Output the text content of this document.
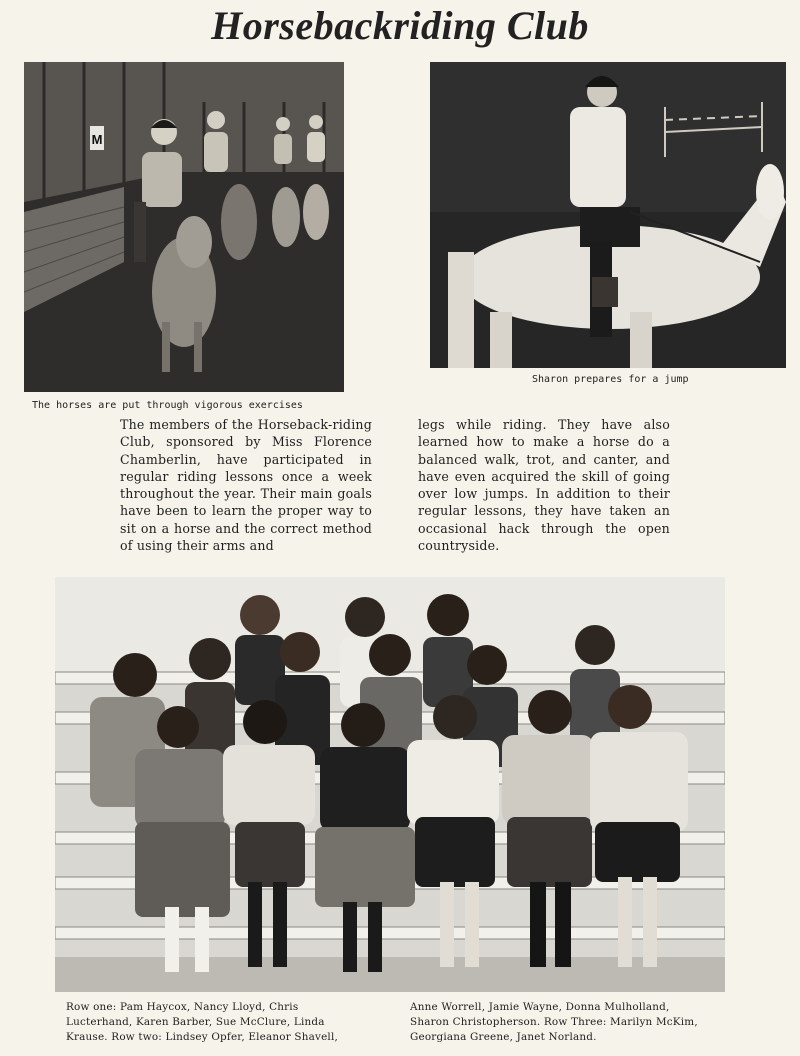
Horsebackriding Club
M
The horses are put through vigorous exercises
Sharon prepares for a jump
The members of the Horseback-riding Club, sponsored by Miss Florence Chamberlin, have participated in regular riding lessons once a week throughout the year. Their main goals have been to learn the proper way to sit on a horse and the correct method of using their arms and
legs while riding. They have also learned how to make a horse do a balanced walk, trot, and canter, and have even acquired the skill of going over low jumps. In addition to their regular lessons, they have taken an occasional hack through the open countryside.
Row one: Pam Haycox, Nancy Lloyd, Chris Lucterhand, Karen Barber, Sue McClure, Linda Krause. Row two: Lindsey Opfer, Eleanor Shavell,
Anne Worrell, Jamie Wayne, Donna Mulholland, Sharon Christopherson. Row Three: Marilyn McKim, Georgiana Greene, Janet Norland.
